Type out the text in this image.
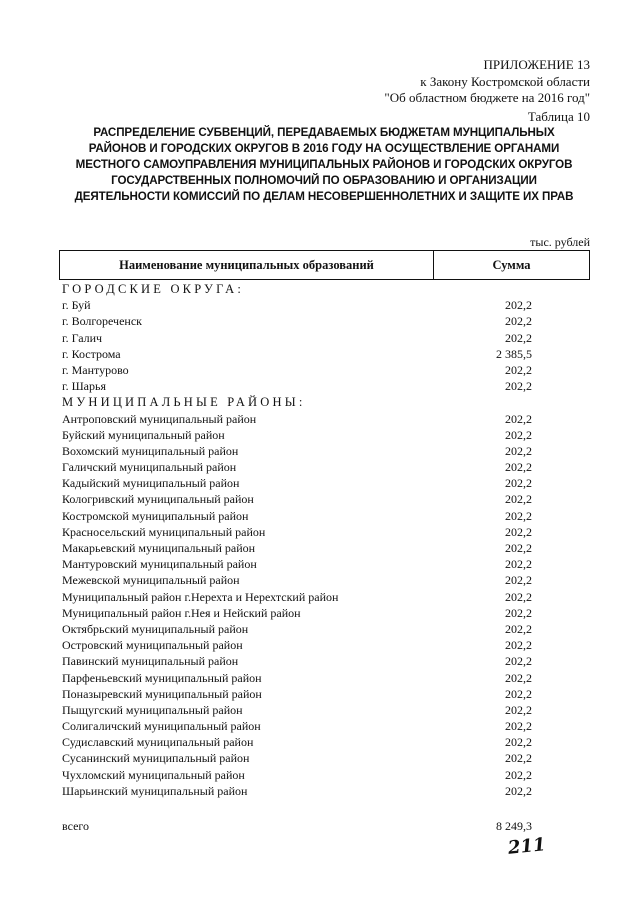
ПРИЛОЖЕНИЕ 13
к Закону Костромской области
"Об областном бюджете на 2016 год"
Таблица 10
РАСПРЕДЕЛЕНИЕ СУБВЕНЦИЙ, ПЕРЕДАВАЕМЫХ БЮДЖЕТАМ МУНЦИПАЛЬНЫХ
РАЙОНОВ И ГОРОДСКИХ ОКРУГОВ В 2016 ГОДУ НА ОСУЩЕСТВЛЕНИЕ ОРГАНАМИ
МЕСТНОГО САМОУПРАВЛЕНИЯ МУНИЦИПАЛЬНЫХ РАЙОНОВ И ГОРОДСКИХ ОКРУГОВ
ГОСУДАРСТВЕННЫХ ПОЛНОМОЧИЙ ПО ОБРАЗОВАНИЮ И ОРГАНИЗАЦИИ
ДЕЯТЕЛЬНОСТИ КОМИССИЙ ПО ДЕЛАМ НЕСОВЕРШЕННОЛЕТНИХ И ЗАЩИТЕ ИХ ПРАВ
тыс. рублей
Наименование муниципальных образований	Сумма
ГОРОДСКИЕ ОКРУГА:
г. Буй	202,2
г. Волгореченск	202,2
г. Галич	202,2
г. Кострома	2 385,5
г. Мантурово	202,2
г. Шарья	202,2
МУНИЦИПАЛЬНЫЕ РАЙОНЫ:
Антроповский муниципальный район	202,2
Буйский муниципальный район	202,2
Вохомский муниципальный район	202,2
Галичский муниципальный район	202,2
Кадыйский муниципальный район	202,2
Кологривский муниципальный район	202,2
Костромской муниципальный район	202,2
Красносельский муниципальный район	202,2
Макарьевский муниципальный район	202,2
Мантуровский муниципальный район	202,2
Межевской муниципальный район	202,2
Муниципальный район г.Нерехта и Нерехтский район	202,2
Муниципальный район г.Нея и Нейский район	202,2
Октябрьский муниципальный район	202,2
Островский муниципальный район	202,2
Павинский муниципальный район	202,2
Парфеньевский муниципальный район	202,2
Поназыревский муниципальный район	202,2
Пыщугский муниципальный район	202,2
Солигаличский муниципальный район	202,2
Судиславский муниципальный район	202,2
Сусанинский муниципальный район	202,2
Чухломский муниципальный район	202,2
Шарьинский муниципальный район	202,2
всего	8 249,3
211
